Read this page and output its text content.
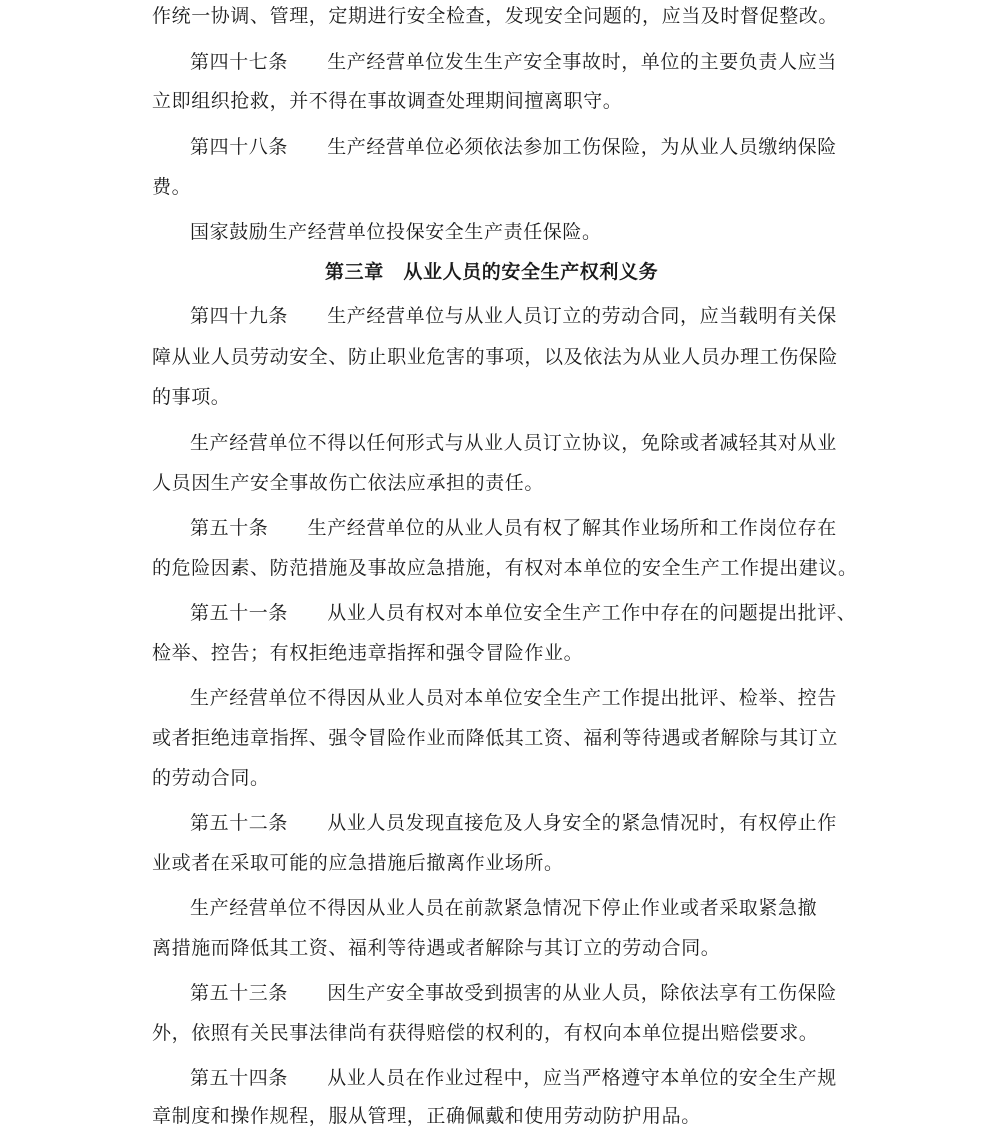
作统一协调、管理，定期进行安全检查，发现安全问题的，应当及时督促整改。
第四十七条　　生产经营单位发生生产安全事故时，单位的主要负责人应当
立即组织抢救，并不得在事故调查处理期间擅离职守。
第四十八条　　生产经营单位必须依法参加工伤保险，为从业人员缴纳保险
费。
国家鼓励生产经营单位投保安全生产责任保险。
第三章　从业人员的安全生产权利义务
第四十九条　　生产经营单位与从业人员订立的劳动合同，应当载明有关保
障从业人员劳动安全、防止职业危害的事项，以及依法为从业人员办理工伤保险
的事项。
生产经营单位不得以任何形式与从业人员订立协议，免除或者减轻其对从业
人员因生产安全事故伤亡依法应承担的责任。
第五十条　　生产经营单位的从业人员有权了解其作业场所和工作岗位存在
的危险因素、防范措施及事故应急措施，有权对本单位的安全生产工作提出建议。
第五十一条　　从业人员有权对本单位安全生产工作中存在的问题提出批评、
检举、控告；有权拒绝违章指挥和强令冒险作业。
生产经营单位不得因从业人员对本单位安全生产工作提出批评、检举、控告
或者拒绝违章指挥、强令冒险作业而降低其工资、福利等待遇或者解除与其订立
的劳动合同。
第五十二条　　从业人员发现直接危及人身安全的紧急情况时，有权停止作
业或者在采取可能的应急措施后撤离作业场所。
生产经营单位不得因从业人员在前款紧急情况下停止作业或者采取紧急撤
离措施而降低其工资、福利等待遇或者解除与其订立的劳动合同。
第五十三条　　因生产安全事故受到损害的从业人员，除依法享有工伤保险
外，依照有关民事法律尚有获得赔偿的权利的，有权向本单位提出赔偿要求。
第五十四条　　从业人员在作业过程中，应当严格遵守本单位的安全生产规
章制度和操作规程，服从管理，正确佩戴和使用劳动防护用品。
